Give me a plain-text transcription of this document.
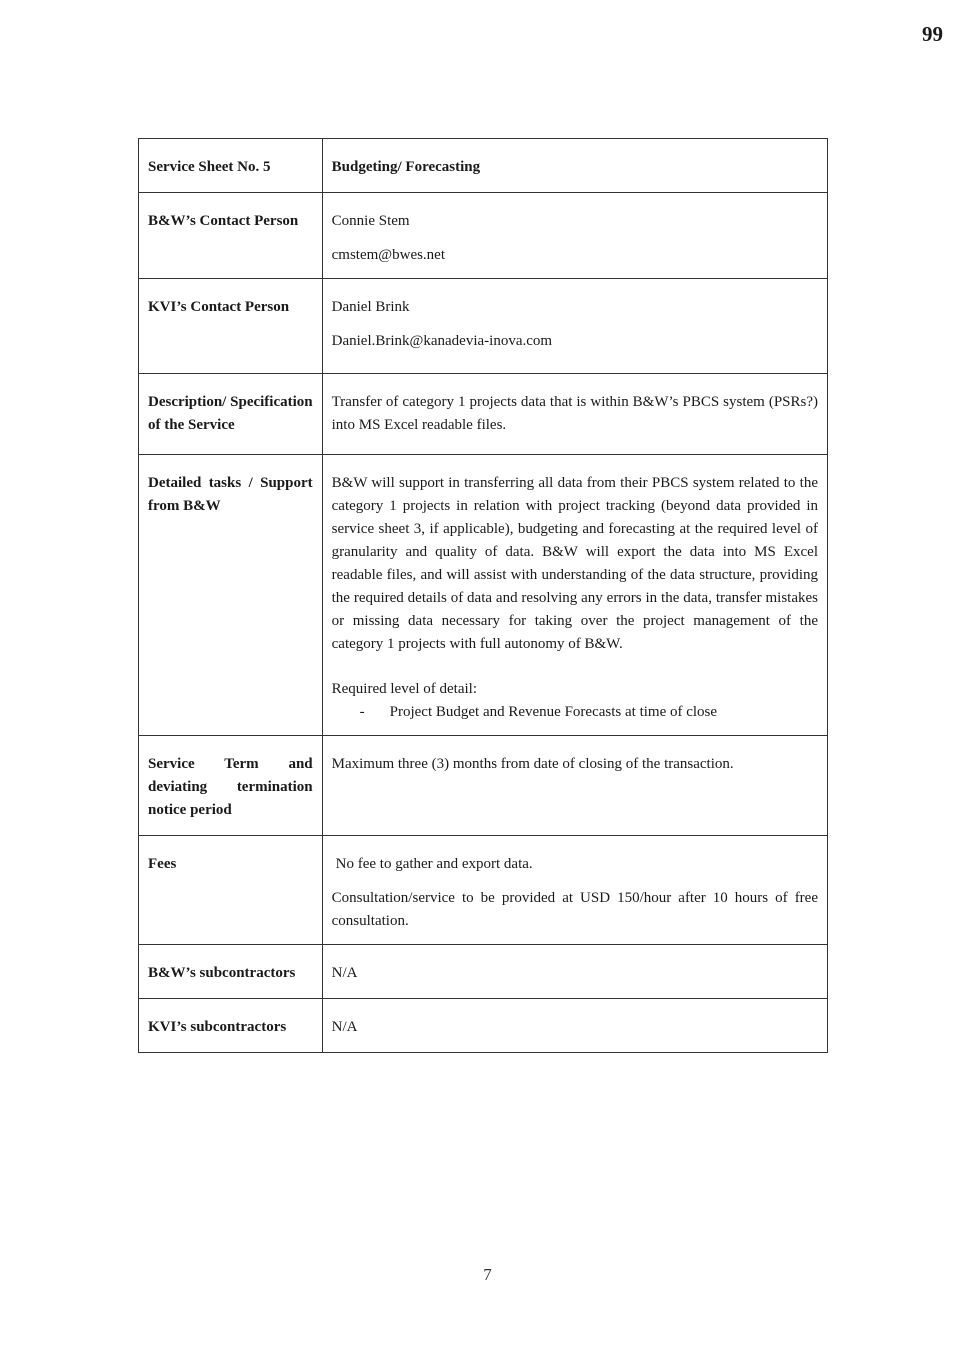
99
Service Sheet No. 5	Budgeting/ Forecasting
B&W’s Contact Person	Connie Stem

cmstem@bwes.net

KVI’s Contact Person	Daniel Brink

Daniel.Brink@kanadevia-inova.com

Description/ Specification of the Service	Transfer of category 1 projects data that is within B&W’s PBCS system (PSRs?) into MS Excel readable files.
Detailed tasks / Support from B&W	B&W will support in transferring all data from their PBCS system related to the category 1 projects in relation with project tracking (beyond data provided in service sheet 3, if applicable), budgeting and forecasting at the required level of granularity and quality of data. B&W will export the data into MS Excel readable files, and will assist with understanding of the data structure, providing the required details of data and resolving any errors in the data, transfer mistakes or missing data necessary for taking over the project management of the category 1 projects with full autonomy of B&W.

Required level of detail:

- Project Budget and Revenue Forecasts at time of close

Service Term and deviating termination notice period	Maximum three (3) months from date of closing of the transaction.
Fees	No fee to gather and export data.

Consultation/service to be provided at USD 150/hour after 10 hours of free consultation.

B&W’s subcontractors	N/A
KVI’s subcontractors	N/A
7
